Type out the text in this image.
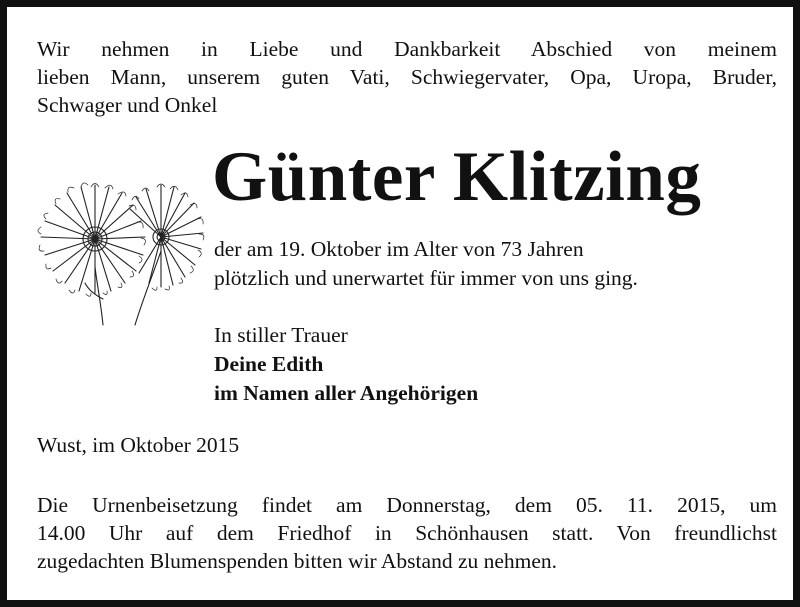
Wir nehmen in Liebe und Dankbarkeit Abschied von meinem
lieben Mann, unserem guten Vati, Schwiegervater, Opa, Uropa, Bruder,
Schwager und Onkel
Günter Klitzing
der am 19. Oktober im Alter von 73 Jahren
plötzlich und unerwartet für immer von uns ging.
In stiller Trauer
Deine Edith
im Namen aller Angehörigen
Wust, im Oktober 2015
Die Urnenbeisetzung findet am Donnerstag, dem 05. 11. 2015, um
14.00 Uhr auf dem Friedhof in Schönhausen statt. Von freundlichst
zugedachten Blumenspenden bitten wir Abstand zu nehmen.
